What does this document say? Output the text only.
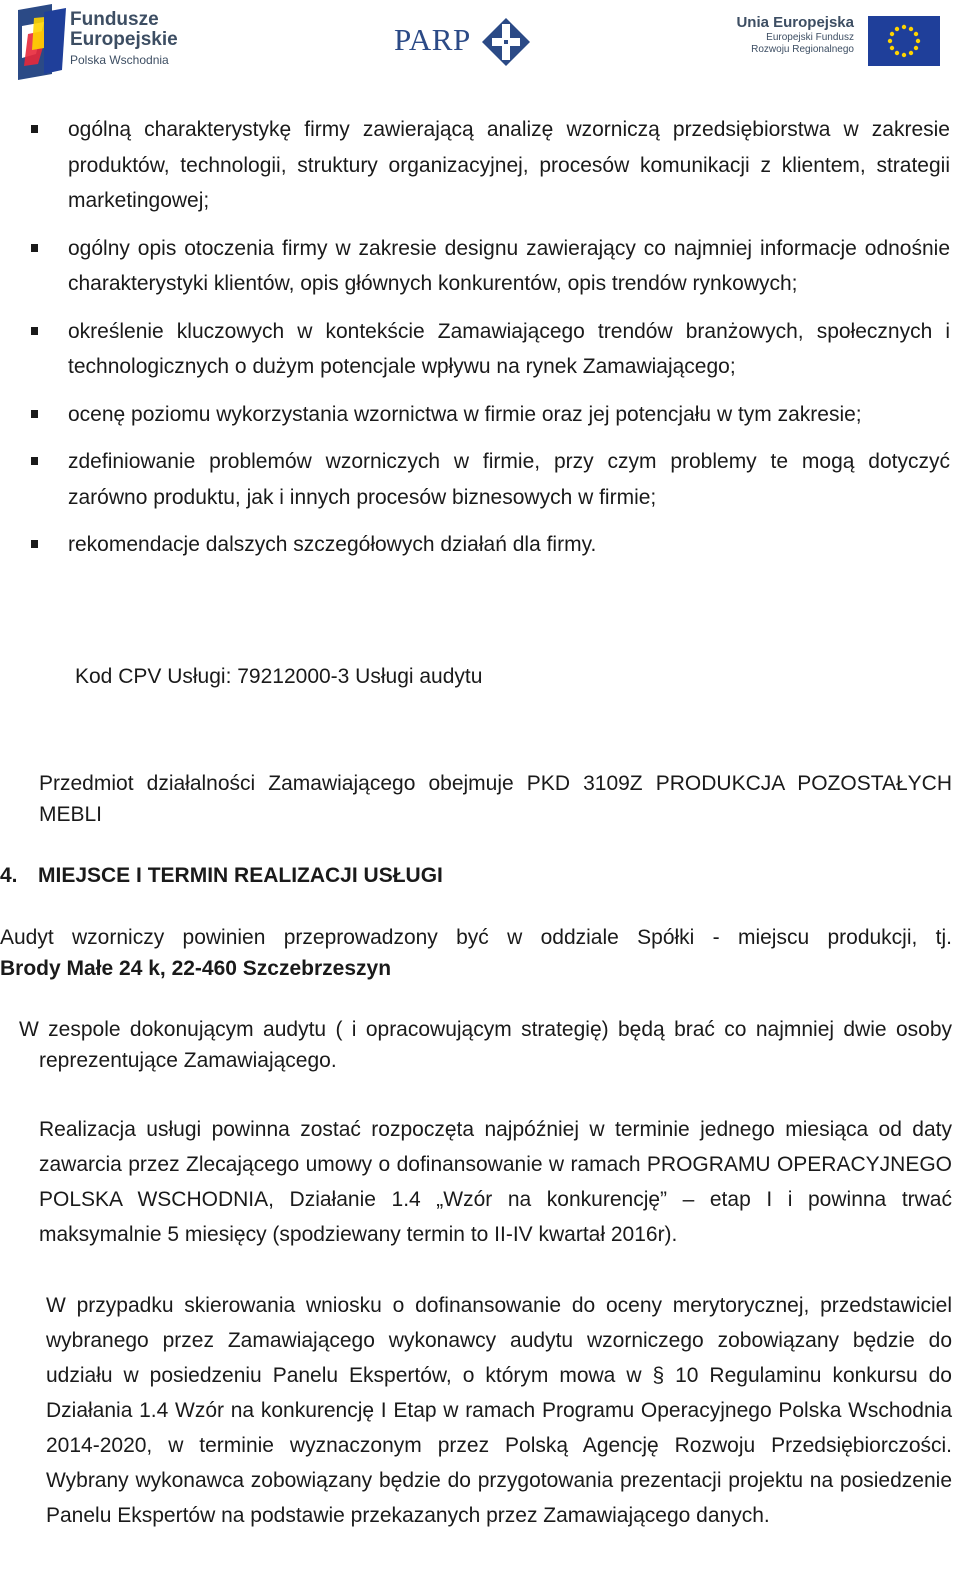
Fundusze
Europejskie
Polska Wschodnia
PARP	Unia Europejska
Europejski Fundusz
Rozwoju Regionalnego
ogólną charakterystykę firmy zawierającą analizę wzorniczą przedsiębiorstwa w zakresie produktów, technologii, struktury organizacyjnej, procesów komunikacji z klientem, strategii marketingowej;
ogólny opis otoczenia firmy w zakresie designu zawierający co najmniej informacje odnośnie charakterystyki klientów, opis głównych konkurentów, opis trendów rynkowych;
określenie kluczowych w kontekście Zamawiającego trendów branżowych, społecznych i technologicznych o dużym potencjale wpływu na rynek Zamawiającego;
ocenę poziomu wykorzystania wzornictwa w firmie oraz jej potencjału w tym zakresie;
zdefiniowanie problemów wzorniczych w firmie, przy czym problemy te mogą dotyczyć zarówno produktu, jak i innych procesów biznesowych w firmie;
rekomendacje dalszych szczegółowych działań dla firmy.

Kod CPV Usługi: 79212000-3 Usługi audytu

Przedmiot działalności Zamawiającego obejmuje PKD 3109Z PRODUKCJA POZOSTAŁYCH MEBLI

4. MIEJSCE I TERMIN REALIZACJI USŁUGI

Audyt wzorniczy powinien przeprowadzony być w oddziale Spółki - miejscu produkcji, tj.

Brody Małe 24 k, 22-460 Szczebrzeszyn

W zespole dokonującym audytu ( i opracowującym strategię) będą brać co najmniej dwie osoby reprezentujące Zamawiającego.

Realizacja usługi powinna zostać rozpoczęta najpóźniej w terminie jednego miesiąca od daty zawarcia przez Zlecającego umowy o dofinansowanie w ramach PROGRAMU OPERACYJNEGO POLSKA WSCHODNIA, Działanie 1.4 „Wzór na konkurencję” – etap I i powinna trwać maksymalnie 5 miesięcy (spodziewany termin to II-IV kwartał 2016r).

W przypadku skierowania wniosku o dofinansowanie do oceny merytorycznej, przedstawiciel wybranego przez Zamawiającego wykonawcy audytu wzorniczego zobowiązany będzie do udziału w posiedzeniu Panelu Ekspertów, o którym mowa w § 10 Regulaminu konkursu do Działania 1.4 Wzór na konkurencję I Etap w ramach Programu Operacyjnego Polska Wschodnia 2014-2020, w terminie wyznaczonym przez Polską Agencję Rozwoju Przedsiębiorczości. Wybrany wykonawca zobowiązany będzie do przygotowania prezentacji projektu na posiedzenie Panelu Ekspertów na podstawie przekazanych przez Zamawiającego danych.
